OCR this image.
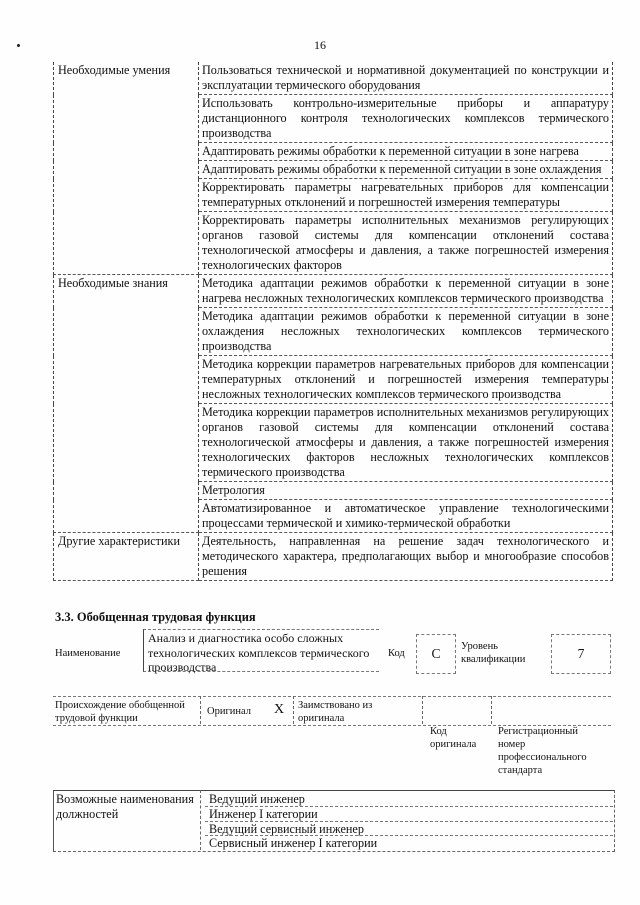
16
Необходимые умения	Пользоваться технической и нормативной документацией по конструкции и эксплуатации термического оборудования
	Использовать контрольно-измерительные приборы и аппаратуру дистанционного контроля технологических комплексов термического производства
	Адаптировать режимы обработки к переменной ситуации в зоне нагрева
	Адаптировать режимы обработки к переменной ситуации в зоне охлаждения
	Корректировать параметры нагревательных приборов для компенсации температурных отклонений и погрешностей измерения температуры
	Корректировать параметры исполнительных механизмов регулирующих органов газовой системы для компенсации отклонений состава технологической атмосферы и давления, а также погрешностей измерения технологических факторов
Необходимые знания	Методика адаптации режимов обработки к переменной ситуации в зоне нагрева несложных технологических комплексов термического производства
	Методика адаптации режимов обработки к переменной ситуации в зоне охлаждения несложных технологических комплексов термического производства
	Методика коррекции параметров нагревательных приборов для компенсации температурных отклонений и погрешностей измерения температуры несложных технологических комплексов термического производства
	Методика коррекции параметров исполнительных механизмов регулирующих органов газовой системы для компенсации отклонений состава технологической атмосферы и давления, а также погрешностей измерения технологических факторов несложных технологических комплексов термического производства
	Метрология
	Автоматизированное и автоматическое управление технологическими процессами термической и химико-термической обработки
Другие характеристики	Деятельность, направленная на решение задач технологического и методического характера, предполагающих выбор и многообразие способов решения
3.3. Обобщенная трудовая функция
Наименование
Анализ и диагностика особо сложных технологических комплексов термического производства
Код	C	Уровень квалификации	7
Происхождение обобщенной трудовой функции
Оригинал X Заимствовано из оригинала
Код оригинала
Регистрационный номер профессионального стандарта
Возможные наименования должностей
Ведущий инженер
Инженер I категории
Ведущий сервисный инженер
Сервисный инженер I категории
